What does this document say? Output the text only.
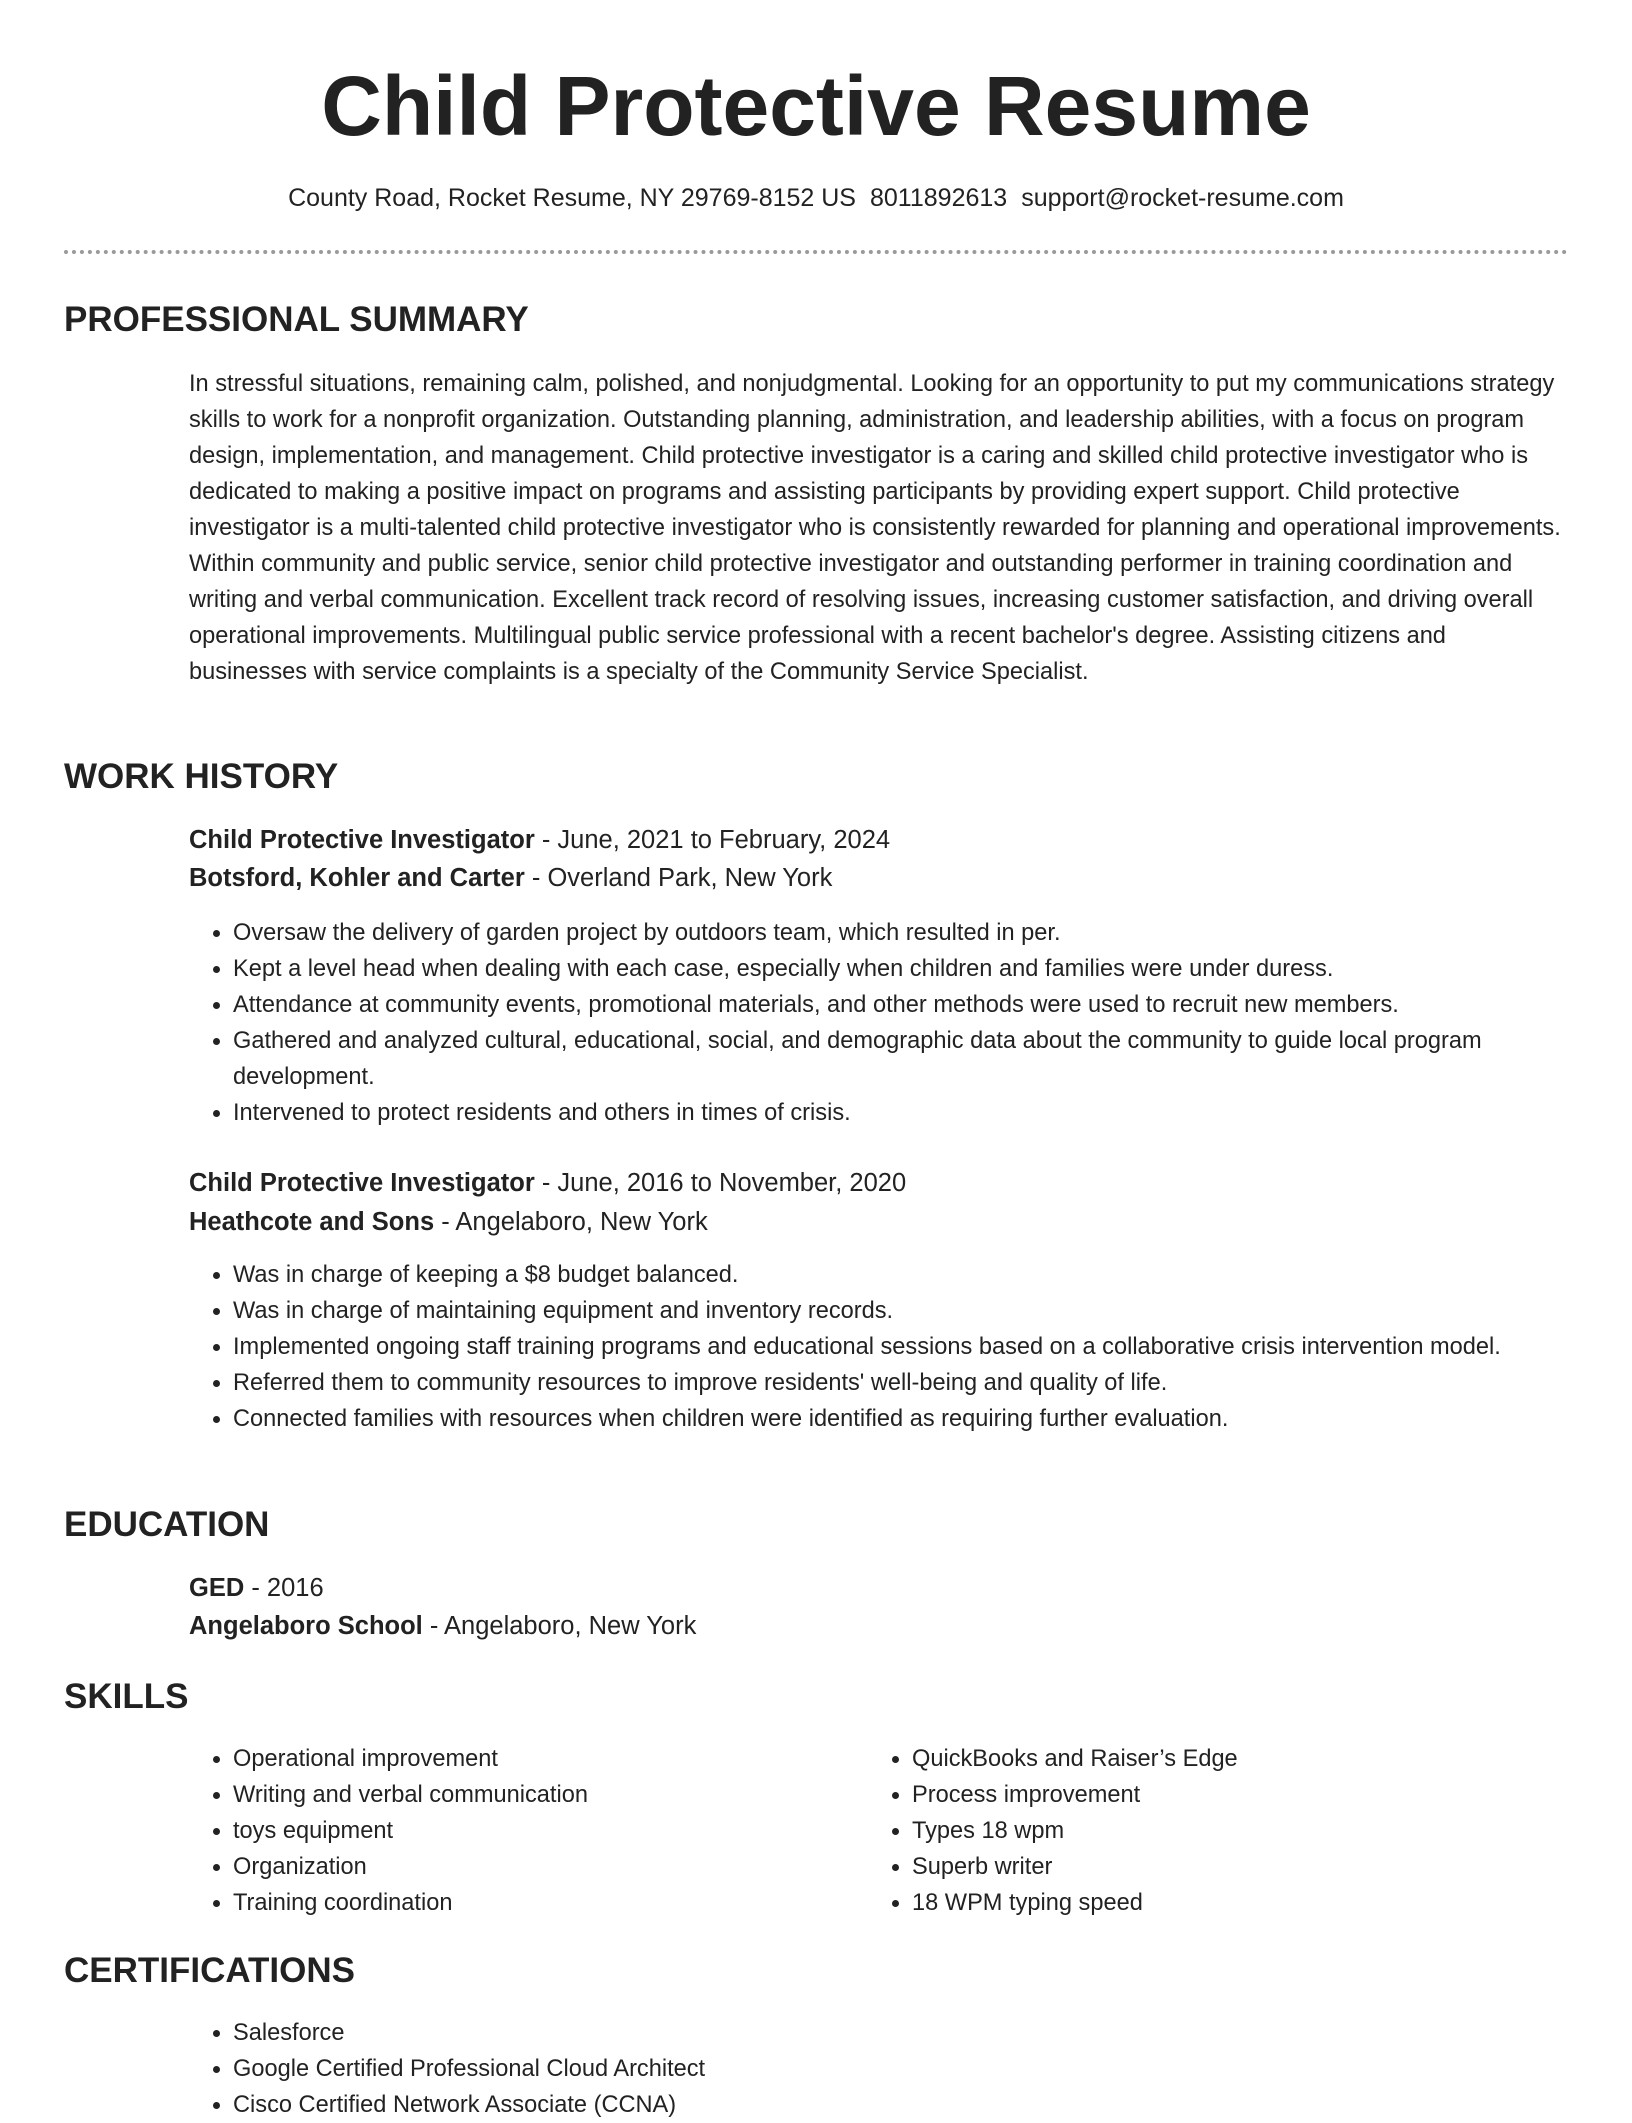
Child Protective Resume
County Road, Rocket Resume, NY 29769-8152 US 8011892613 support@rocket-resume.com
PROFESSIONAL SUMMARY

In stressful situations, remaining calm, polished, and nonjudgmental. Looking for an opportunity to put my communications strategy skills to work for a nonprofit organization. Outstanding planning, administration, and leadership abilities, with a focus on program design, implementation, and management. Child protective investigator is a caring and skilled child protective investigator who is dedicated to making a positive impact on programs and assisting participants by providing expert support. Child protective investigator is a multi-talented child protective investigator who is consistently rewarded for planning and operational improvements. Within community and public service, senior child protective investigator and outstanding performer in training coordination and writing and verbal communication. Excellent track record of resolving issues, increasing customer satisfaction, and driving overall operational improvements. Multilingual public service professional with a recent bachelor's degree. Assisting citizens and businesses with service complaints is a specialty of the Community Service Specialist.

WORK HISTORY
Child Protective Investigator - June, 2021 to February, 2024
Botsford, Kohler and Carter - Overland Park, New York
• Oversaw the delivery of garden project by outdoors team, which resulted in per.
• Kept a level head when dealing with each case, especially when children and families were under duress.
• Attendance at community events, promotional materials, and other methods were used to recruit new members.
• Gathered and analyzed cultural, educational, social, and demographic data about the community to guide local program development.
• Intervened to protect residents and others in times of crisis.
Child Protective Investigator - June, 2016 to November, 2020
Heathcote and Sons - Angelaboro, New York
• Was in charge of keeping a $8 budget balanced.
• Was in charge of maintaining equipment and inventory records.
• Implemented ongoing staff training programs and educational sessions based on a collaborative crisis intervention model.
• Referred them to community resources to improve residents' well-being and quality of life.
• Connected families with resources when children were identified as requiring further evaluation.
EDUCATION
GED - 2016
Angelaboro School - Angelaboro, New York
SKILLS
• Operational improvement
• Writing and verbal communication
• toys equipment
• Organization
• Training coordination
• QuickBooks and Raiser’s Edge
• Process improvement
• Types 18 wpm
• Superb writer
• 18 WPM typing speed
CERTIFICATIONS
• Salesforce
• Google Certified Professional Cloud Architect
• Cisco Certified Network Associate (CCNA)
